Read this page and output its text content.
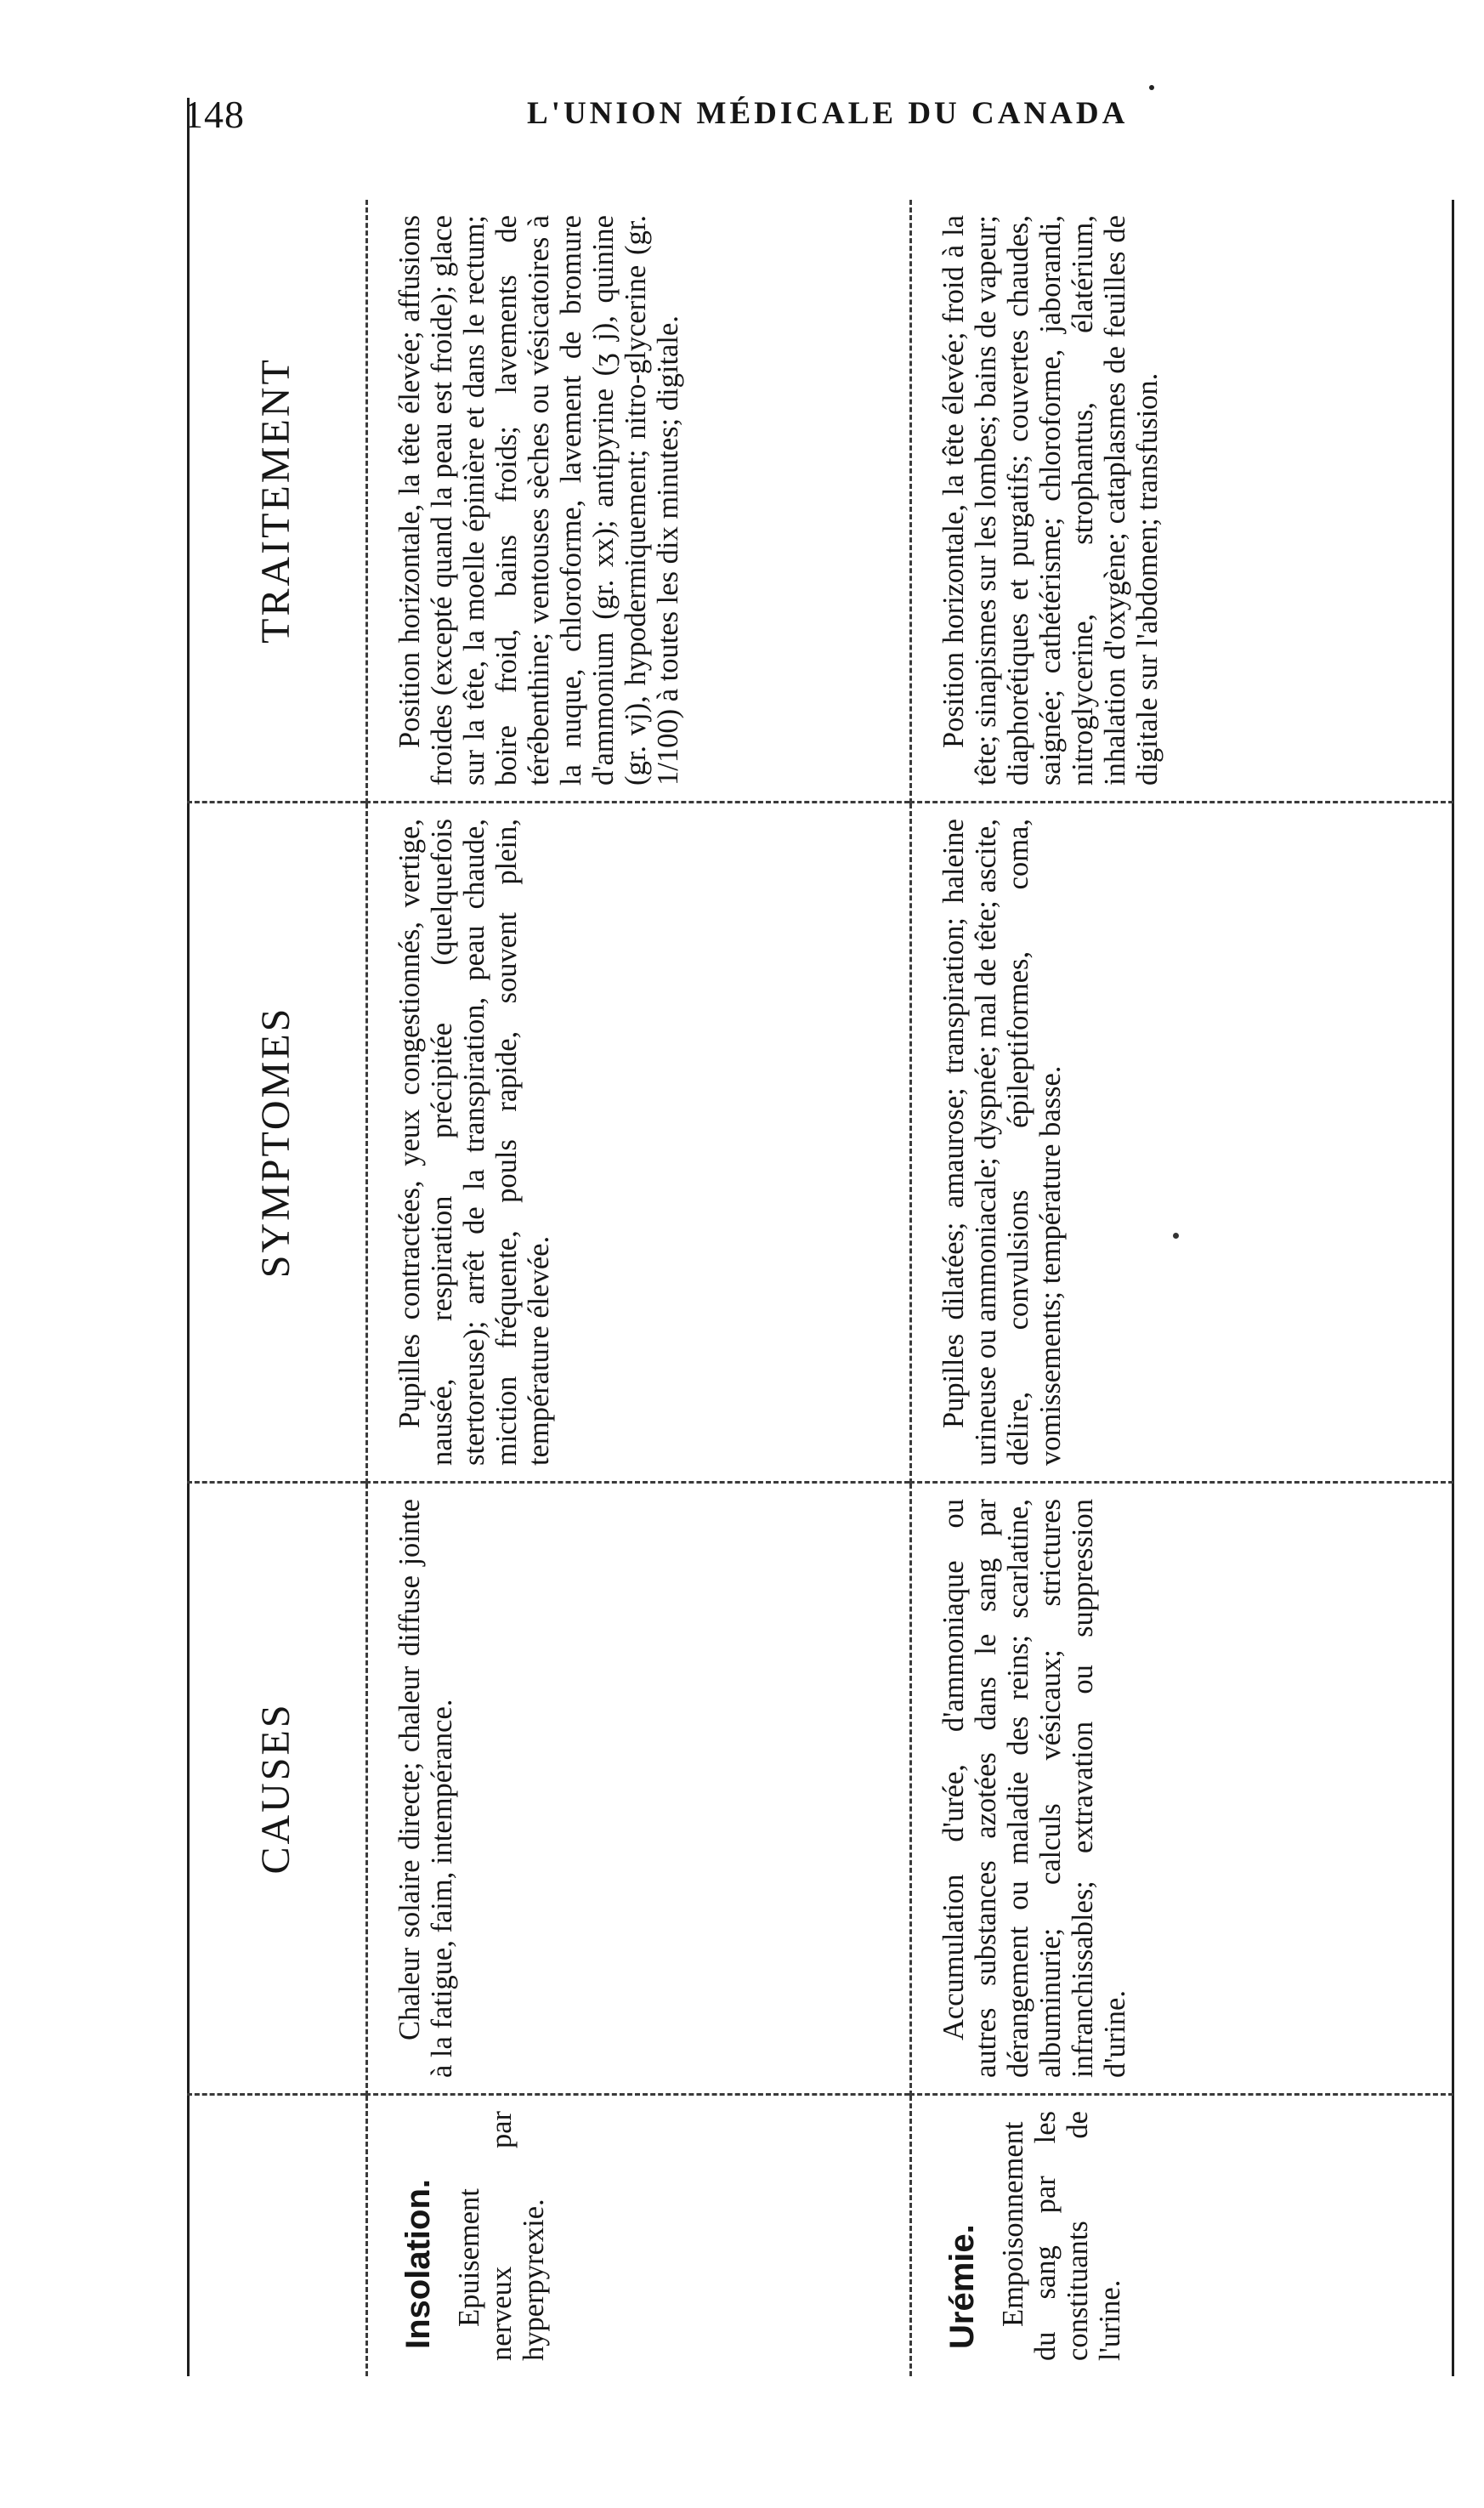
148	L'UNION MÉDICALE DU CANADA
CAUSES
SYMPTOMES
TRAITEMENT
Insolation. Epuisement nerveux par hyperpyrexie.
Chaleur solaire directe; chaleur diffuse jointe à la fatigue, faim, intempérance.
Pupilles contractées, yeux congestionnés, vertige, nausée, respiration précipitée (quelquefois stertoreuse); arrêt de la transpiration, peau chaude, miction fréquente, pouls rapide, souvent plein, température élevée.
Position horizontale, la tête élevée; affusions froides (excepté quand la peau est froide); glace sur la tête, la moelle épinière et dans le rectum; boire froid, bains froids; lavements de térébenthine; ventouses sèches ou vésicatoires à la nuque, chloroforme, lavement de bromure d'ammonium (gr. xx); antipyrine (ʒ j), quinine (gr. vj), hypodermiquement; nitro-glycerine (gr. 1/100) à toutes les dix minutes; digitale.
Urémie. Empoisonnement du sang par les constituants de l'urine.
Accumulation d'urée, d'ammoniaque ou autres substances azotées dans le sang par dérangement ou maladie des reins; scarlatine, albuminurie; calculs vésicaux; strictures infranchissables; extravation ou suppression d'urine.
Pupilles dilatées; amaurose; transpiration; haleine urineuse ou ammoniacale; dyspnée; mal de tête; ascite, délire, convulsions épileptiformes, coma, vomissements; température basse.
Position horizontale, la tête élevée; froid à la tête; sinapismes sur les lombes; bains de vapeur; diaphorétiques et purgatifs; couvertes chaudes, saignée; cathétérisme; chloroforme, jaborandi, nitroglycerine, strophantus, élatérium, inhalation d'oxygène; cataplasmes de feuilles de digitale sur l'abdomen; transfusion.
